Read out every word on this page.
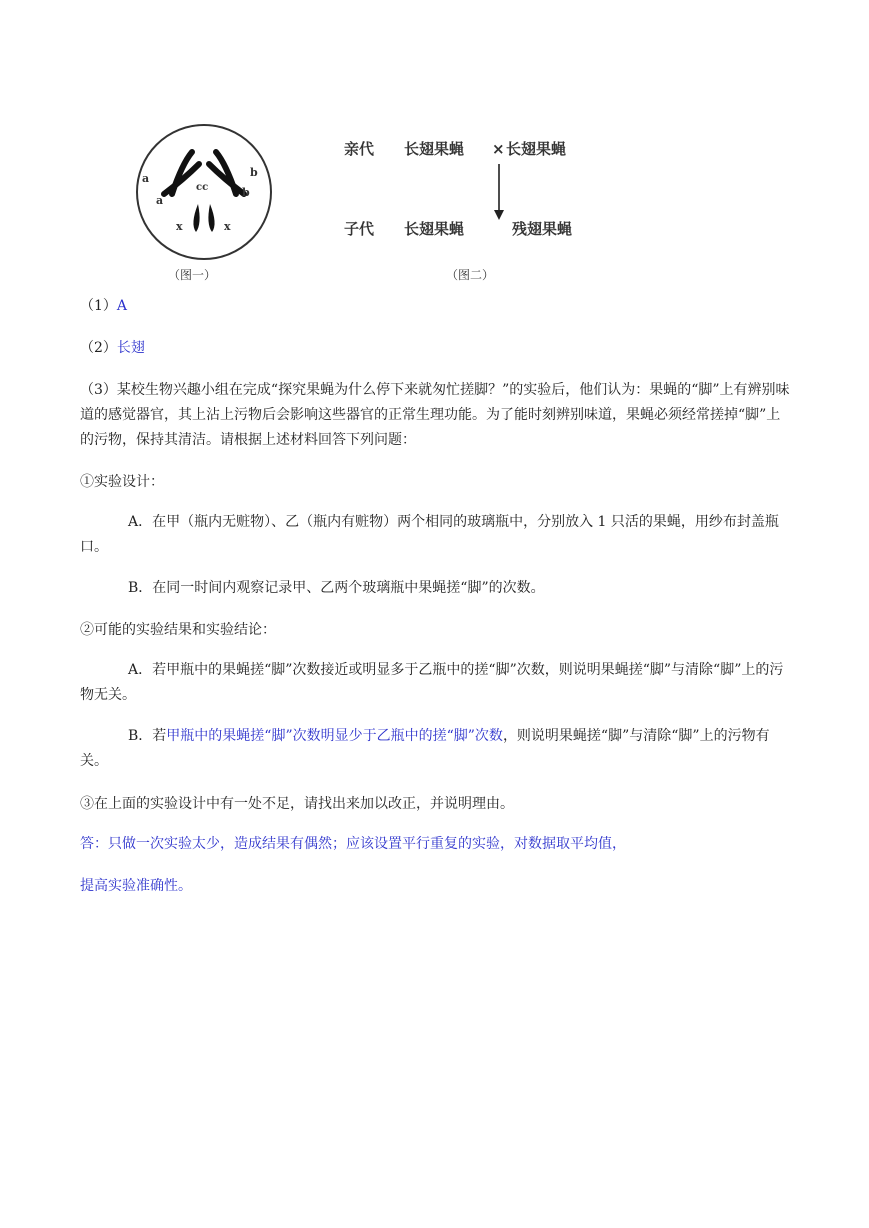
a
a
b
b
cc
x	x
（图一）
亲代 长翅果蝇 × 长翅果蝇
子代 长翅果蝇	残翅果蝇
（图二）

（1）A

（2）长翅

（3）某校生物兴趣小组在完成“探究果蝇为什么停下来就匆忙搓脚？”的实验后，他们认为：果蝇的“脚”上有辨别味道的感觉器官，其上沾上污物后会影响这些器官的正常生理功能。为了能时刻辨别味道，果蝇必须经常搓掉“脚”上的污物，保持其清洁。请根据上述材料回答下列问题：

①实验设计：

A．在甲（瓶内无赃物）、乙（瓶内有赃物）两个相同的玻璃瓶中，分别放入 1 只活的果蝇，用纱布封盖瓶口。

B．在同一时间内观察记录甲、乙两个玻璃瓶中果蝇搓“脚”的次数。

②可能的实验结果和实验结论：

A．若甲瓶中的果蝇搓“脚”次数接近或明显多于乙瓶中的搓“脚”次数，则说明果蝇搓“脚”与清除“脚”上的污物无关。

B．若甲瓶中的果蝇搓“脚”次数明显少于乙瓶中的搓“脚”次数，则说明果蝇搓“脚”与清除“脚”上的污物有关。

③在上面的实验设计中有一处不足，请找出来加以改正，并说明理由。

答：只做一次实验太少，造成结果有偶然；应该设置平行重复的实验，对数据取平均值，

提高实验准确性。
